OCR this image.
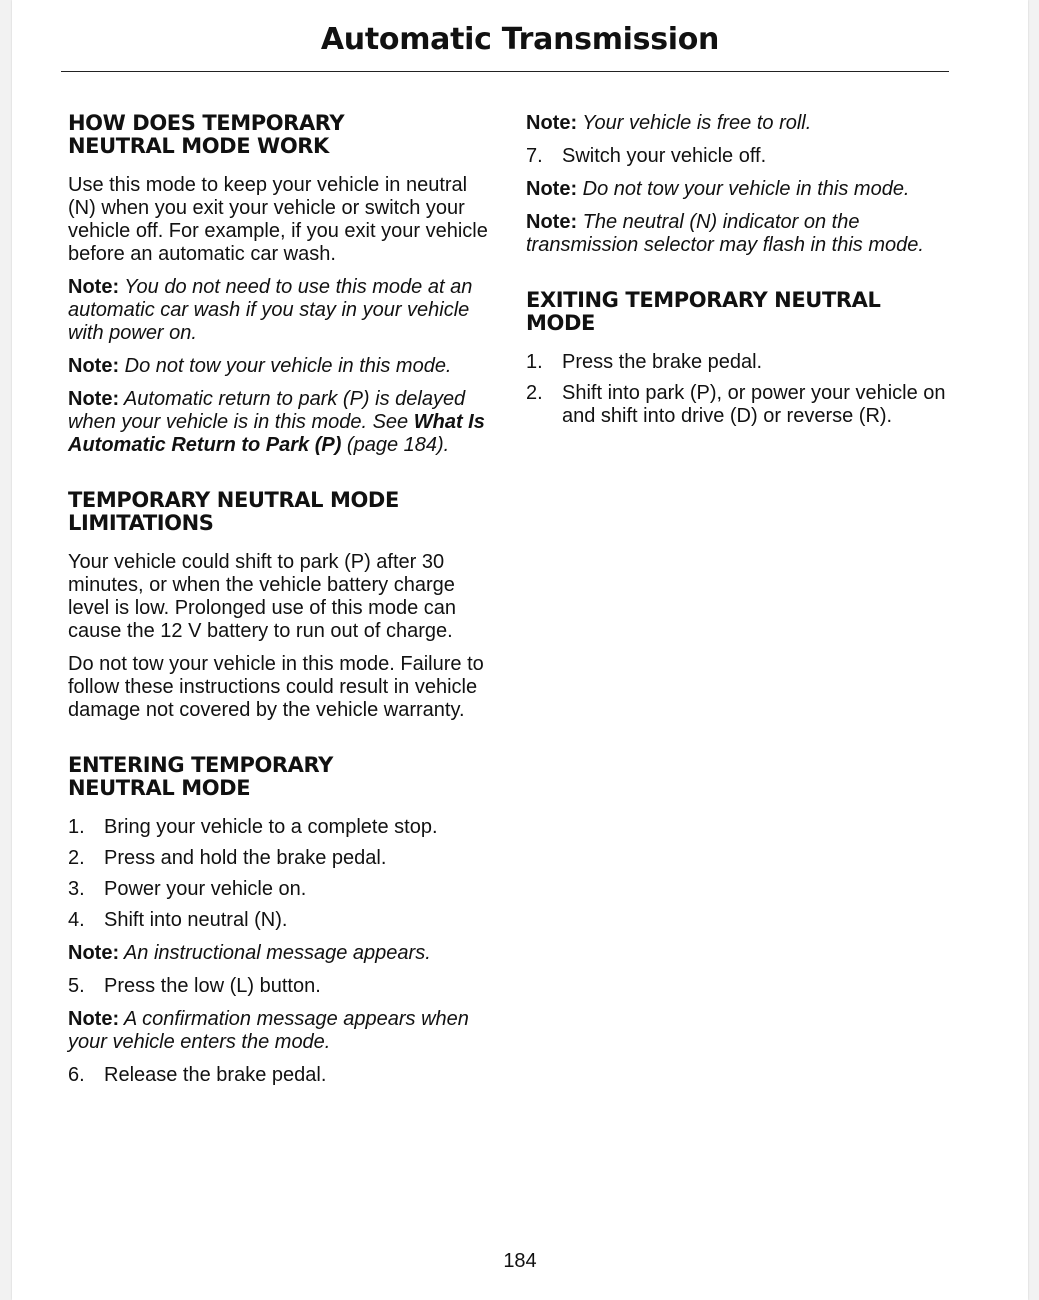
Automatic Transmission
HOW DOES TEMPORARY NEUTRAL MODE WORK

Use this mode to keep your vehicle in neutral (N) when you exit your vehicle or switch your vehicle off. For example, if you exit your vehicle before an automatic car wash.

Note: You do not need to use this mode at an automatic car wash if you stay in your vehicle with power on.

Note: Do not tow your vehicle in this mode.

Note: Automatic return to park (P) is delayed when your vehicle is in this mode. See What Is Automatic Return to Park (P) (page 184).

TEMPORARY NEUTRAL MODE LIMITATIONS

Your vehicle could shift to park (P) after 30 minutes, or when the vehicle battery charge level is low. Prolonged use of this mode can cause the 12 V battery to run out of charge.

Do not tow your vehicle in this mode. Failure to follow these instructions could result in vehicle damage not covered by the vehicle warranty.

ENTERING TEMPORARY NEUTRAL MODE
1. Bring your vehicle to a complete stop.
2. Press and hold the brake pedal.
3. Power your vehicle on.
4. Shift into neutral (N).

Note: An instructional message appears.

5. Press the low (L) button.

Note: A confirmation message appears when your vehicle enters the mode.

6. Release the brake pedal.

Note: Your vehicle is free to roll.

7. Switch your vehicle off.

Note: Do not tow your vehicle in this mode.

Note: The neutral (N) indicator on the transmission selector may flash in this mode.

EXITING TEMPORARY NEUTRAL MODE
1. Press the brake pedal.
2. Shift into park (P), or power your vehicle on and shift into drive (D) or reverse (R).
184
